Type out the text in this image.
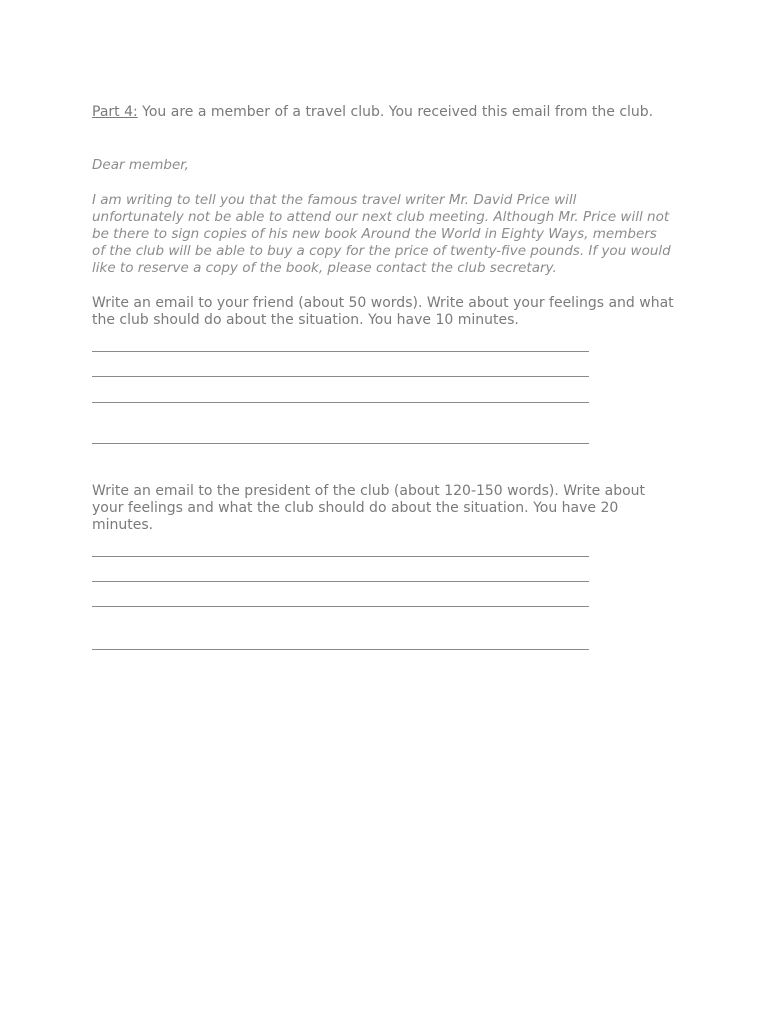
Part 4: You are a member of a travel club. You received this email from the club.
Dear member,
I am writing to tell you that the famous travel writer Mr. David Price will unfortunately not be able to attend our next club meeting. Although Mr. Price will not be there to sign copies of his new book Around the World in Eighty Ways, members of the club will be able to buy a copy for the price of twenty-five pounds. If you would like to reserve a copy of the book, please contact the club secretary.
Write an email to your friend (about 50 words). Write about your feelings and what the club should do about the situation. You have 10 minutes.
Write an email to the president of the club (about 120-150 words). Write about your feelings and what the club should do about the situation. You have 20 minutes.
